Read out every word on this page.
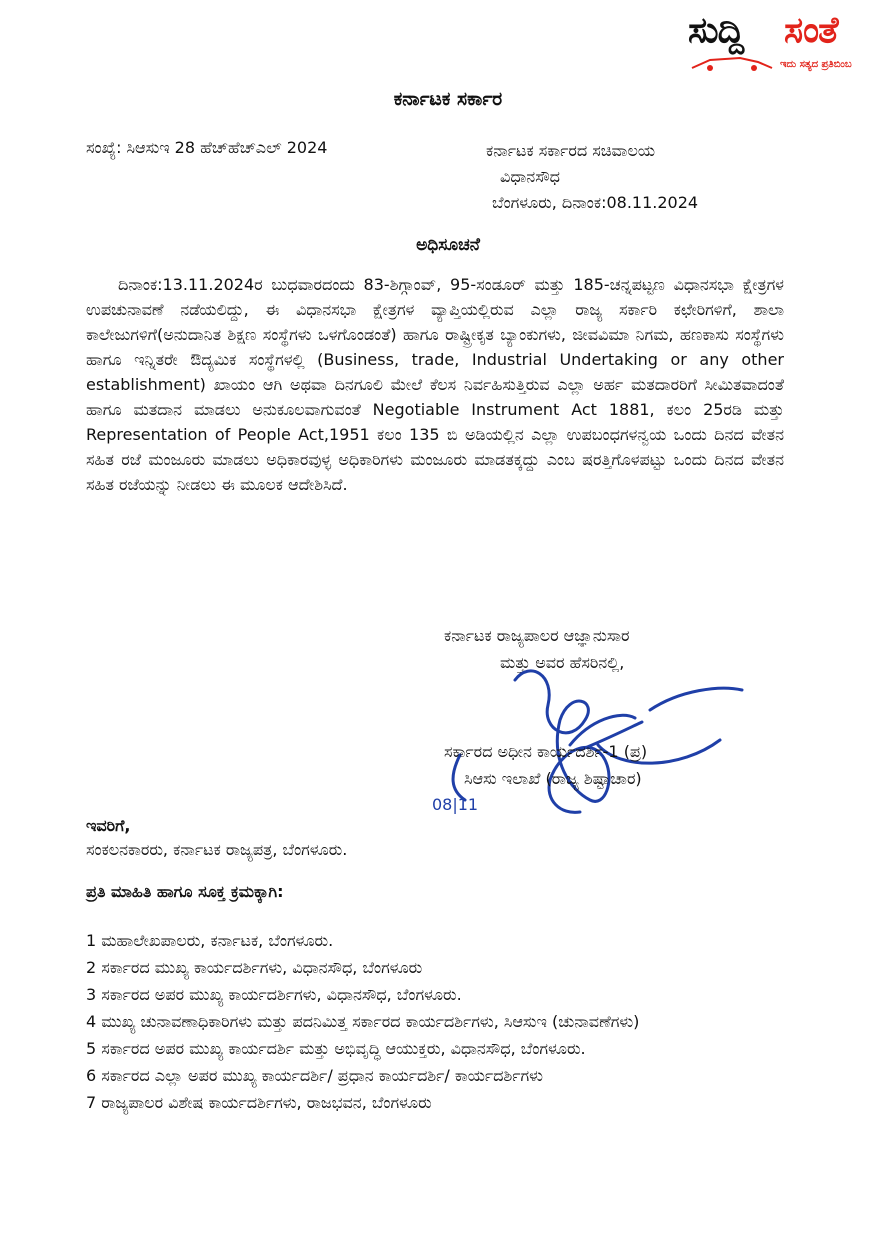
ಸುದ್ದಿ ಸಂತೆ
ಇದು ಸತ್ಯದ ಪ್ರತಿಬಿಂಬ
ಕರ್ನಾಟಕ ಸರ್ಕಾರ
ಸಂಖ್ಯೆ: ಸಿಆಸುಇ 28 ಹೆಚ್‌ಹೆಚ್‌ಎಲ್ 2024	ಕರ್ನಾಟಕ ಸರ್ಕಾರದ ಸಚಿವಾಲಯ
ವಿಧಾನಸೌಧ
ಬೆಂಗಳೂರು, ದಿನಾಂಕ:08.11.2024
ಅಧಿಸೂಚನೆ
ದಿನಾಂಕ:13.11.2024ರ ಬುಧವಾರದಂದು 83-ಶಿಗ್ಗಾಂವ್, 95-ಸಂಡೂರ್ ಮತ್ತು 185-ಚನ್ನಪಟ್ಟಣ ವಿಧಾನಸಭಾ ಕ್ಷೇತ್ರಗಳ ಉಪಚುನಾವಣೆ ನಡೆಯಲಿದ್ದು, ಈ ವಿಧಾನಸಭಾ ಕ್ಷೇತ್ರಗಳ ವ್ಯಾಪ್ತಿಯಲ್ಲಿರುವ ಎಲ್ಲಾ ರಾಜ್ಯ ಸರ್ಕಾರಿ ಕಛೇರಿಗಳಿಗೆ, ಶಾಲಾ ಕಾಲೇಜುಗಳಿಗೆ(ಅನುದಾನಿತ ಶಿಕ್ಷಣ ಸಂಸ್ಥೆಗಳು ಒಳಗೊಂಡಂತೆ) ಹಾಗೂ ರಾಷ್ಟ್ರೀಕೃತ ಬ್ಯಾಂಕುಗಳು, ಜೀವವಿಮಾ ನಿಗಮ, ಹಣಕಾಸು ಸಂಸ್ಥೆಗಳು ಹಾಗೂ ಇನ್ನಿತರೇ ಔದ್ಯಮಿಕ ಸಂಸ್ಥೆಗಳಲ್ಲಿ (Business, trade, Industrial Undertaking or any other establishment) ಖಾಯಂ ಆಗಿ ಅಥವಾ ದಿನಗೂಲಿ ಮೇಲೆ ಕೆಲಸ ನಿರ್ವಹಿಸುತ್ತಿರುವ ಎಲ್ಲಾ ಅರ್ಹ ಮತದಾರರಿಗೆ ಸೀಮಿತವಾದಂತೆ ಹಾಗೂ ಮತದಾನ ಮಾಡಲು ಅನುಕೂಲವಾಗುವಂತೆ Negotiable Instrument Act 1881, ಕಲಂ 25ರಡಿ ಮತ್ತು Representation of People Act,1951 ಕಲಂ 135 ಬಿ ಅಡಿಯಲ್ಲಿನ ಎಲ್ಲಾ ಉಪಬಂಧಗಳನ್ವಯ ಒಂದು ದಿನದ ವೇತನ ಸಹಿತ ರಜೆ ಮಂಜೂರು ಮಾಡಲು ಅಧಿಕಾರವುಳ್ಳ ಅಧಿಕಾರಿಗಳು ಮಂಜೂರು ಮಾಡತಕ್ಕದ್ದು ಎಂಬ ಷರತ್ತಿಗೊಳಪಟ್ಟು ಒಂದು ದಿನದ ವೇತನ ಸಹಿತ ರಜೆಯನ್ನು ನೀಡಲು ಈ ಮೂಲಕ ಆದೇಶಿಸಿದೆ.
ಕರ್ನಾಟಕ ರಾಜ್ಯಪಾಲರ ಆಜ್ಞಾನುಸಾರ
ಮತ್ತು ಅವರ ಹೆಸರಿನಲ್ಲಿ,
08|11
ಸರ್ಕಾರದ ಅಧೀನ ಕಾರ್ಯದರ್ಶಿ-1 (ಪ್ರ)
ಸಿಆಸು ಇಲಾಖೆ (ರಾಜ್ಯ ಶಿಷ್ಟಾಚಾರ)
ಇವರಿಗೆ,
ಸಂಕಲನಕಾರರು, ಕರ್ನಾಟಕ ರಾಜ್ಯಪತ್ರ, ಬೆಂಗಳೂರು.
ಪ್ರತಿ ಮಾಹಿತಿ ಹಾಗೂ ಸೂಕ್ತ ಕ್ರಮಕ್ಕಾಗಿ:
1 ಮಹಾಲೇಖಪಾಲರು, ಕರ್ನಾಟಕ, ಬೆಂಗಳೂರು.
2 ಸರ್ಕಾರದ ಮುಖ್ಯ ಕಾರ್ಯದರ್ಶಿಗಳು, ವಿಧಾನಸೌಧ, ಬೆಂಗಳೂರು
3 ಸರ್ಕಾರದ ಅಪರ ಮುಖ್ಯ ಕಾರ್ಯದರ್ಶಿಗಳು, ವಿಧಾನಸೌಧ, ಬೆಂಗಳೂರು.
4 ಮುಖ್ಯ ಚುನಾವಣಾಧಿಕಾರಿಗಳು ಮತ್ತು ಪದನಿಮಿತ್ತ ಸರ್ಕಾರದ ಕಾರ್ಯದರ್ಶಿಗಳು, ಸಿಆಸುಇ (ಚುನಾವಣೆಗಳು)
5 ಸರ್ಕಾರದ ಅಪರ ಮುಖ್ಯ ಕಾರ್ಯದರ್ಶಿ ಮತ್ತು ಅಭಿವೃದ್ಧಿ ಆಯುಕ್ತರು, ವಿಧಾನಸೌಧ, ಬೆಂಗಳೂರು.
6 ಸರ್ಕಾರದ ಎಲ್ಲಾ ಅಪರ ಮುಖ್ಯ ಕಾರ್ಯದರ್ಶಿ/ ಪ್ರಧಾನ ಕಾರ್ಯದರ್ಶಿ/ ಕಾರ್ಯದರ್ಶಿಗಳು
7 ರಾಜ್ಯಪಾಲರ ವಿಶೇಷ ಕಾರ್ಯದರ್ಶಿಗಳು, ರಾಜಭವನ, ಬೆಂಗಳೂರು
